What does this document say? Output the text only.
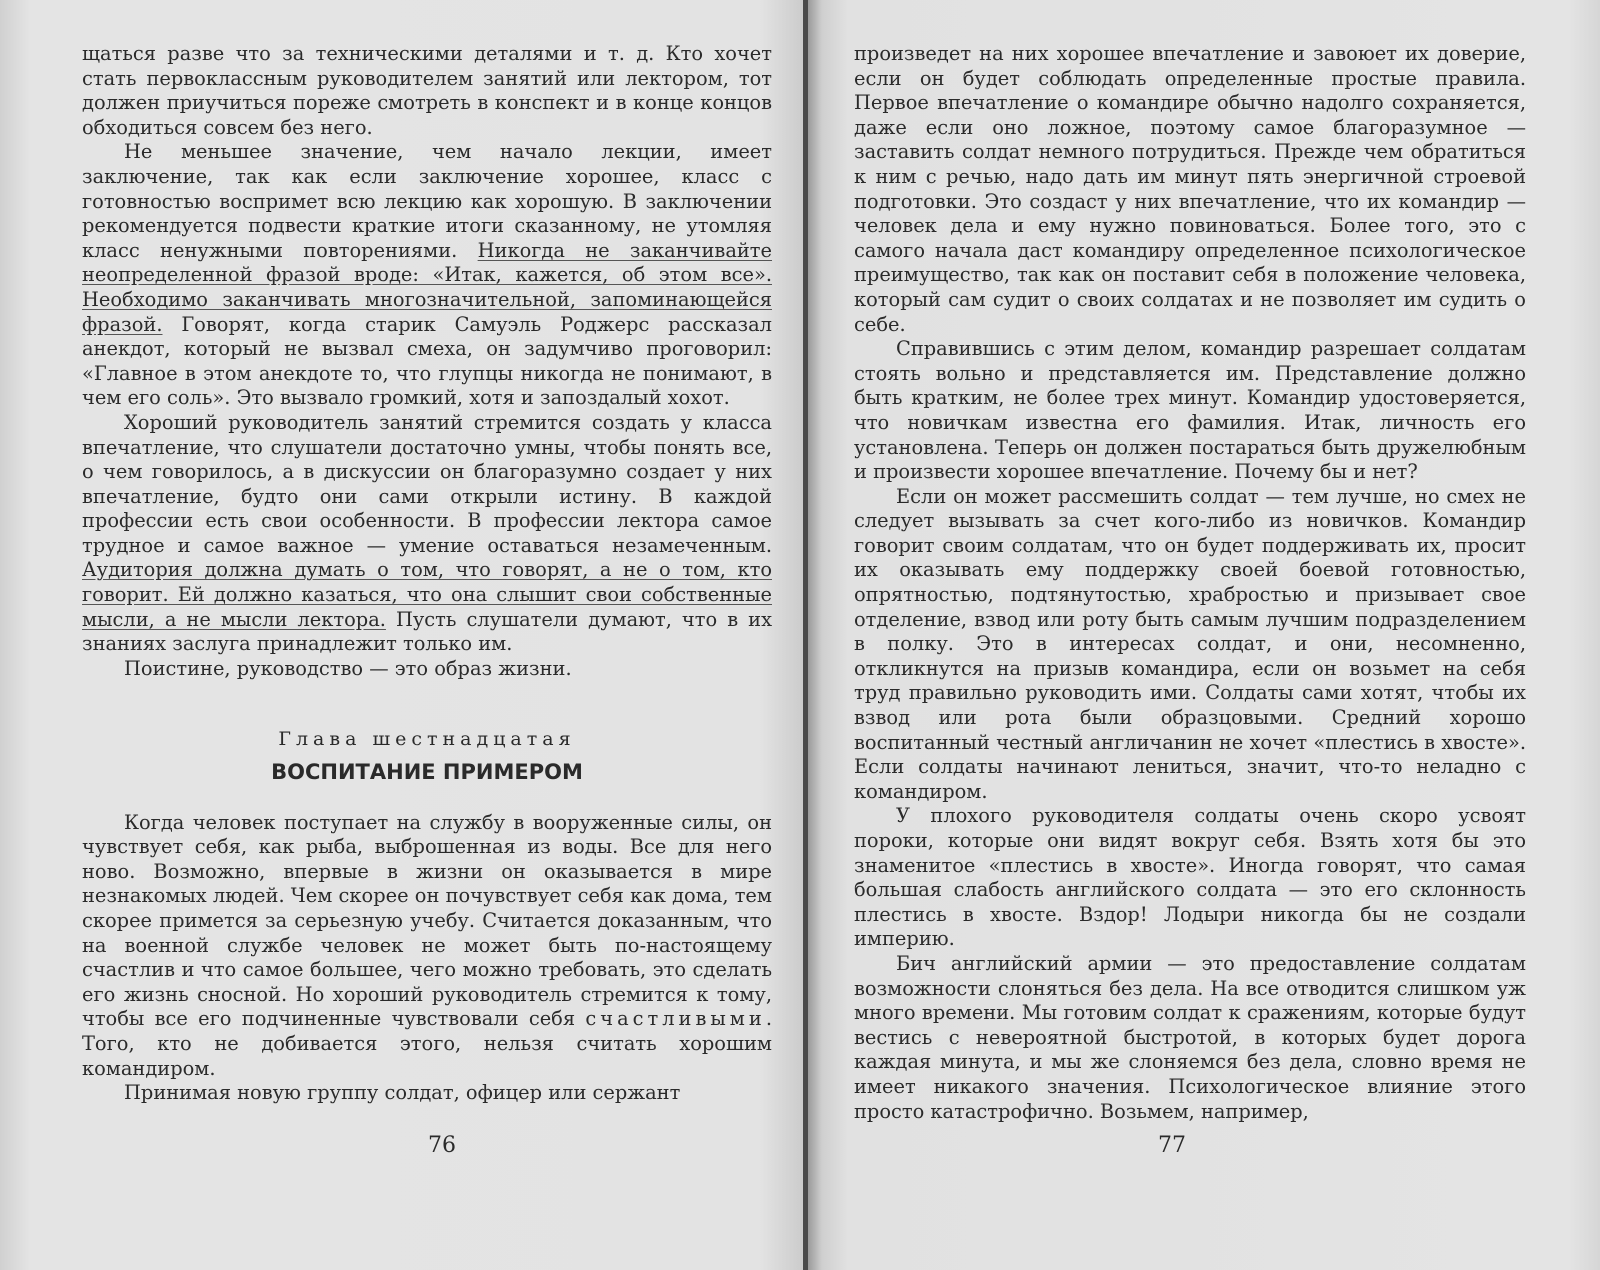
щаться разве что за техническими деталями и т. д. Кто хочет стать первоклассным руководителем занятий или лектором, тот должен приучиться пореже смотреть в конспект и в конце концов обходиться совсем без него.

Не меньшее значение, чем начало лекции, имеет заключение, так как если заключение хорошее, класс с готовностью воспримет всю лекцию как хорошую. В заключении рекомендуется подвести краткие итоги сказанному, не утомляя класс ненужными повторениями. Никогда не заканчивайте неопределенной фразой вроде: «Итак, кажется, об этом все». Необходимо заканчивать многозначительной, запоминающейся фразой. Говорят, когда старик Самуэль Роджерс рассказал анекдот, который не вызвал смеха, он задумчиво проговорил: «Главное в этом анекдоте то, что глупцы никогда не понимают, в чем его соль». Это вызвало громкий, хотя и запоздалый хохот.

Хороший руководитель занятий стремится создать у класса впечатление, что слушатели достаточно умны, чтобы понять все, о чем говорилось, а в дискуссии он благоразумно создает у них впечатление, будто они сами открыли истину. В каждой профессии есть свои особенности. В профессии лектора самое трудное и самое важное — умение оставаться незамеченным. Аудитория должна думать о том, что говорят, а не о том, кто говорит. Ей должно казаться, что она слышит свои собственные мысли, а не мысли лектора. Пусть слушатели думают, что в их знаниях заслуга принадлежит только им.

Поистине, руководство — это образ жизни.

Глава шестнадцатая

ВОСПИТАНИЕ ПРИМЕРОМ

Когда человек поступает на службу в вооруженные силы, он чувствует себя, как рыба, выброшенная из воды. Все для него ново. Возможно, впервые в жизни он оказывается в мире незнакомых людей. Чем скорее он почувствует себя как дома, тем скорее примется за серьезную учебу. Считается доказанным, что на военной службе человек не может быть по-настоящему счастлив и что самое большее, чего можно требовать, это сделать его жизнь сносной. Но хороший руководитель стремится к тому, чтобы все его подчиненные чувствовали себя счастливыми. Того, кто не добивается этого, нельзя считать хорошим командиром.

Принимая новую группу солдат, офицер или сержант

76

произведет на них хорошее впечатление и завоюет их доверие, если он будет соблюдать определенные простые правила. Первое впечатление о командире обычно надолго сохраняется, даже если оно ложное, поэтому самое благоразумное — заставить солдат немного потрудиться. Прежде чем обратиться к ним с речью, надо дать им минут пять энергичной строевой подготовки. Это создаст у них впечатление, что их командир — человек дела и ему нужно повиноваться. Более того, это с самого начала даст командиру определенное психологическое преимущество, так как он поставит себя в положение человека, который сам судит о своих солдатах и не позволяет им судить о себе.

Справившись с этим делом, командир разрешает солдатам стоять вольно и представляется им. Представление должно быть кратким, не более трех минут. Командир удостоверяется, что новичкам известна его фамилия. Итак, личность его установлена. Теперь он должен постараться быть дружелюбным и произвести хорошее впечатление. Почему бы и нет?

Если он может рассмешить солдат — тем лучше, но смех не следует вызывать за счет кого-либо из новичков. Командир говорит своим солдатам, что он будет поддерживать их, просит их оказывать ему поддержку своей боевой готовностью, опрятностью, подтянутостью, храбростью и призывает свое отделение, взвод или роту быть самым лучшим подразделением в полку. Это в интересах солдат, и они, несомненно, откликнутся на призыв командира, если он возьмет на себя труд правильно руководить ими. Солдаты сами хотят, чтобы их взвод или рота были образцовыми. Средний хорошо воспитанный честный англичанин не хочет «плестись в хвосте». Если солдаты начинают лениться, значит, что-то неладно с командиром.

У плохого руководителя солдаты очень скоро усвоят пороки, которые они видят вокруг себя. Взять хотя бы это знаменитое «плестись в хвосте». Иногда говорят, что самая большая слабость английского солдата — это его склонность плестись в хвосте. Вздор! Лодыри никогда бы не создали империю.

Бич английский армии — это предоставление солдатам возможности слоняться без дела. На все отводится слишком уж много времени. Мы готовим солдат к сражениям, которые будут вестись с невероятной быстротой, в которых будет дорога каждая минута, и мы же слоняемся без дела, словно время не имеет никакого значения. Психологическое влияние этого просто катастрофично. Возьмем, например,

77
